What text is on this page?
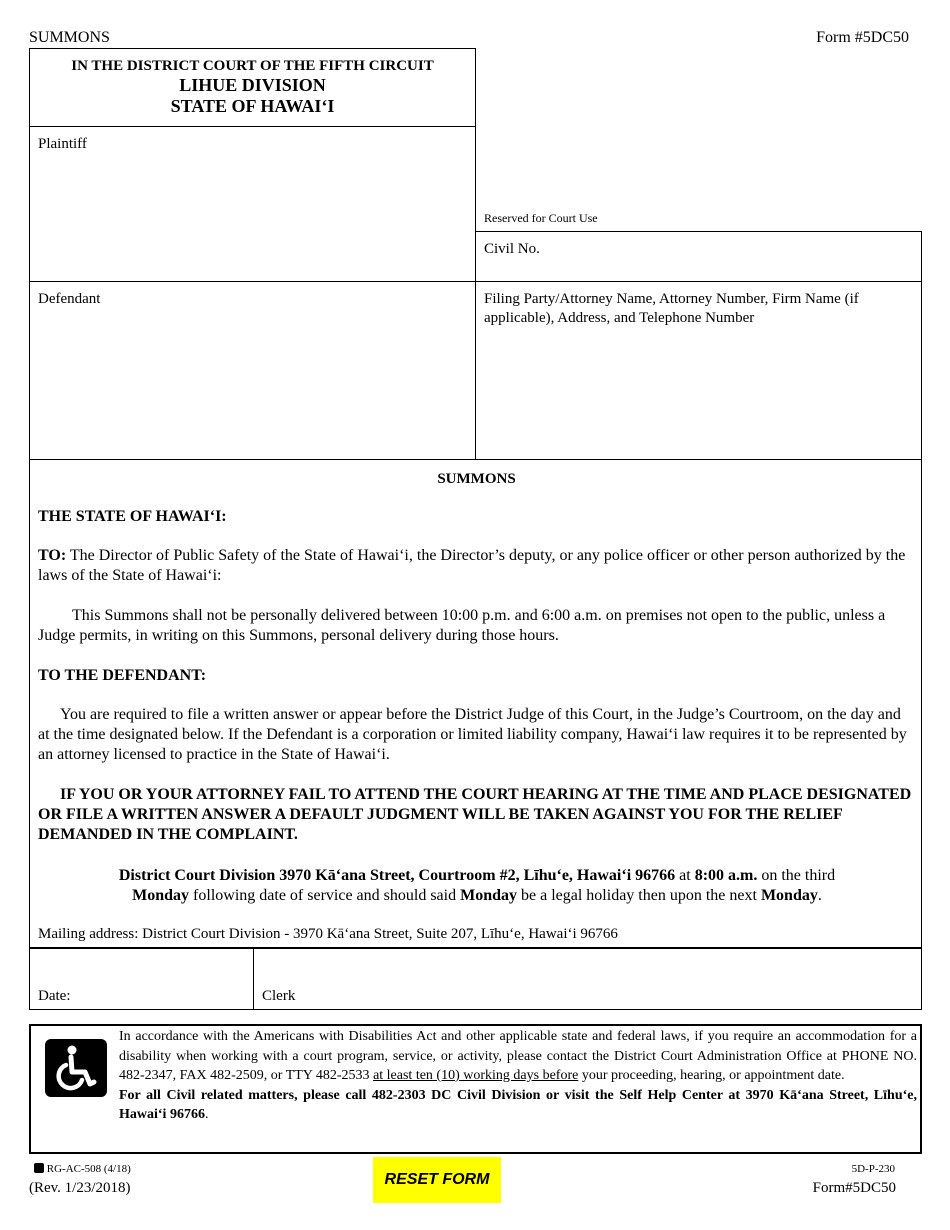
SUMMONS	Form #5DC50
IN THE DISTRICT COURT OF THE FIFTH CIRCUIT
LIHUE DIVISION
STATE OF HAWAI‘I
Plaintiff
Reserved for Court Use
Civil No.
Defendant	Filing Party/Attorney Name, Attorney Number, Firm Name (if applicable), Address, and Telephone Number
SUMMONS
THE STATE OF HAWAI‘I:
TO: The Director of Public Safety of the State of Hawai‘i, the Director’s deputy, or any police officer or other person authorized by the laws of the State of Hawai‘i:
This Summons shall not be personally delivered between 10:00 p.m. and 6:00 a.m. on premises not open to the public, unless a Judge permits, in writing on this Summons, personal delivery during those hours.
TO THE DEFENDANT:
You are required to file a written answer or appear before the District Judge of this Court, in the Judge’s Courtroom, on the day and at the time designated below. If the Defendant is a corporation or limited liability company, Hawai‘i law requires it to be represented by an attorney licensed to practice in the State of Hawai‘i.
IF YOU OR YOUR ATTORNEY FAIL TO ATTEND THE COURT HEARING AT THE TIME AND PLACE DESIGNATED OR FILE A WRITTEN ANSWER A DEFAULT JUDGMENT WILL BE TAKEN AGAINST YOU FOR THE RELIEF DEMANDED IN THE COMPLAINT.
District Court Division 3970 Kā‘ana Street, Courtroom #2, Līhu‘e, Hawai‘i 96766 at 8:00 a.m. on the third
Monday following date of service and should said Monday be a legal holiday then upon the next Monday.
Mailing address: District Court Division - 3970 Kā‘ana Street, Suite 207, Līhu‘e, Hawai‘i 96766
Date:	Clerk
In accordance with the Americans with Disabilities Act and other applicable state and federal laws, if you require an accommodation for a disability when working with a court program, service, or activity, please contact the District Court Administration Office at PHONE NO. 482-2347, FAX 482-2509, or TTY 482-2533 at least ten (10) working days before your proceeding, hearing, or appointment date.
For all Civil related matters, please call 482-2303 DC Civil Division or visit the Self Help Center at 3970 Kā‘ana Street, Līhu‘e, Hawai‘i 96766.
RG-AC-508 (4/18)
(Rev. 1/23/2018)	RESET FORM
5D-P-230
Form#5DC50
